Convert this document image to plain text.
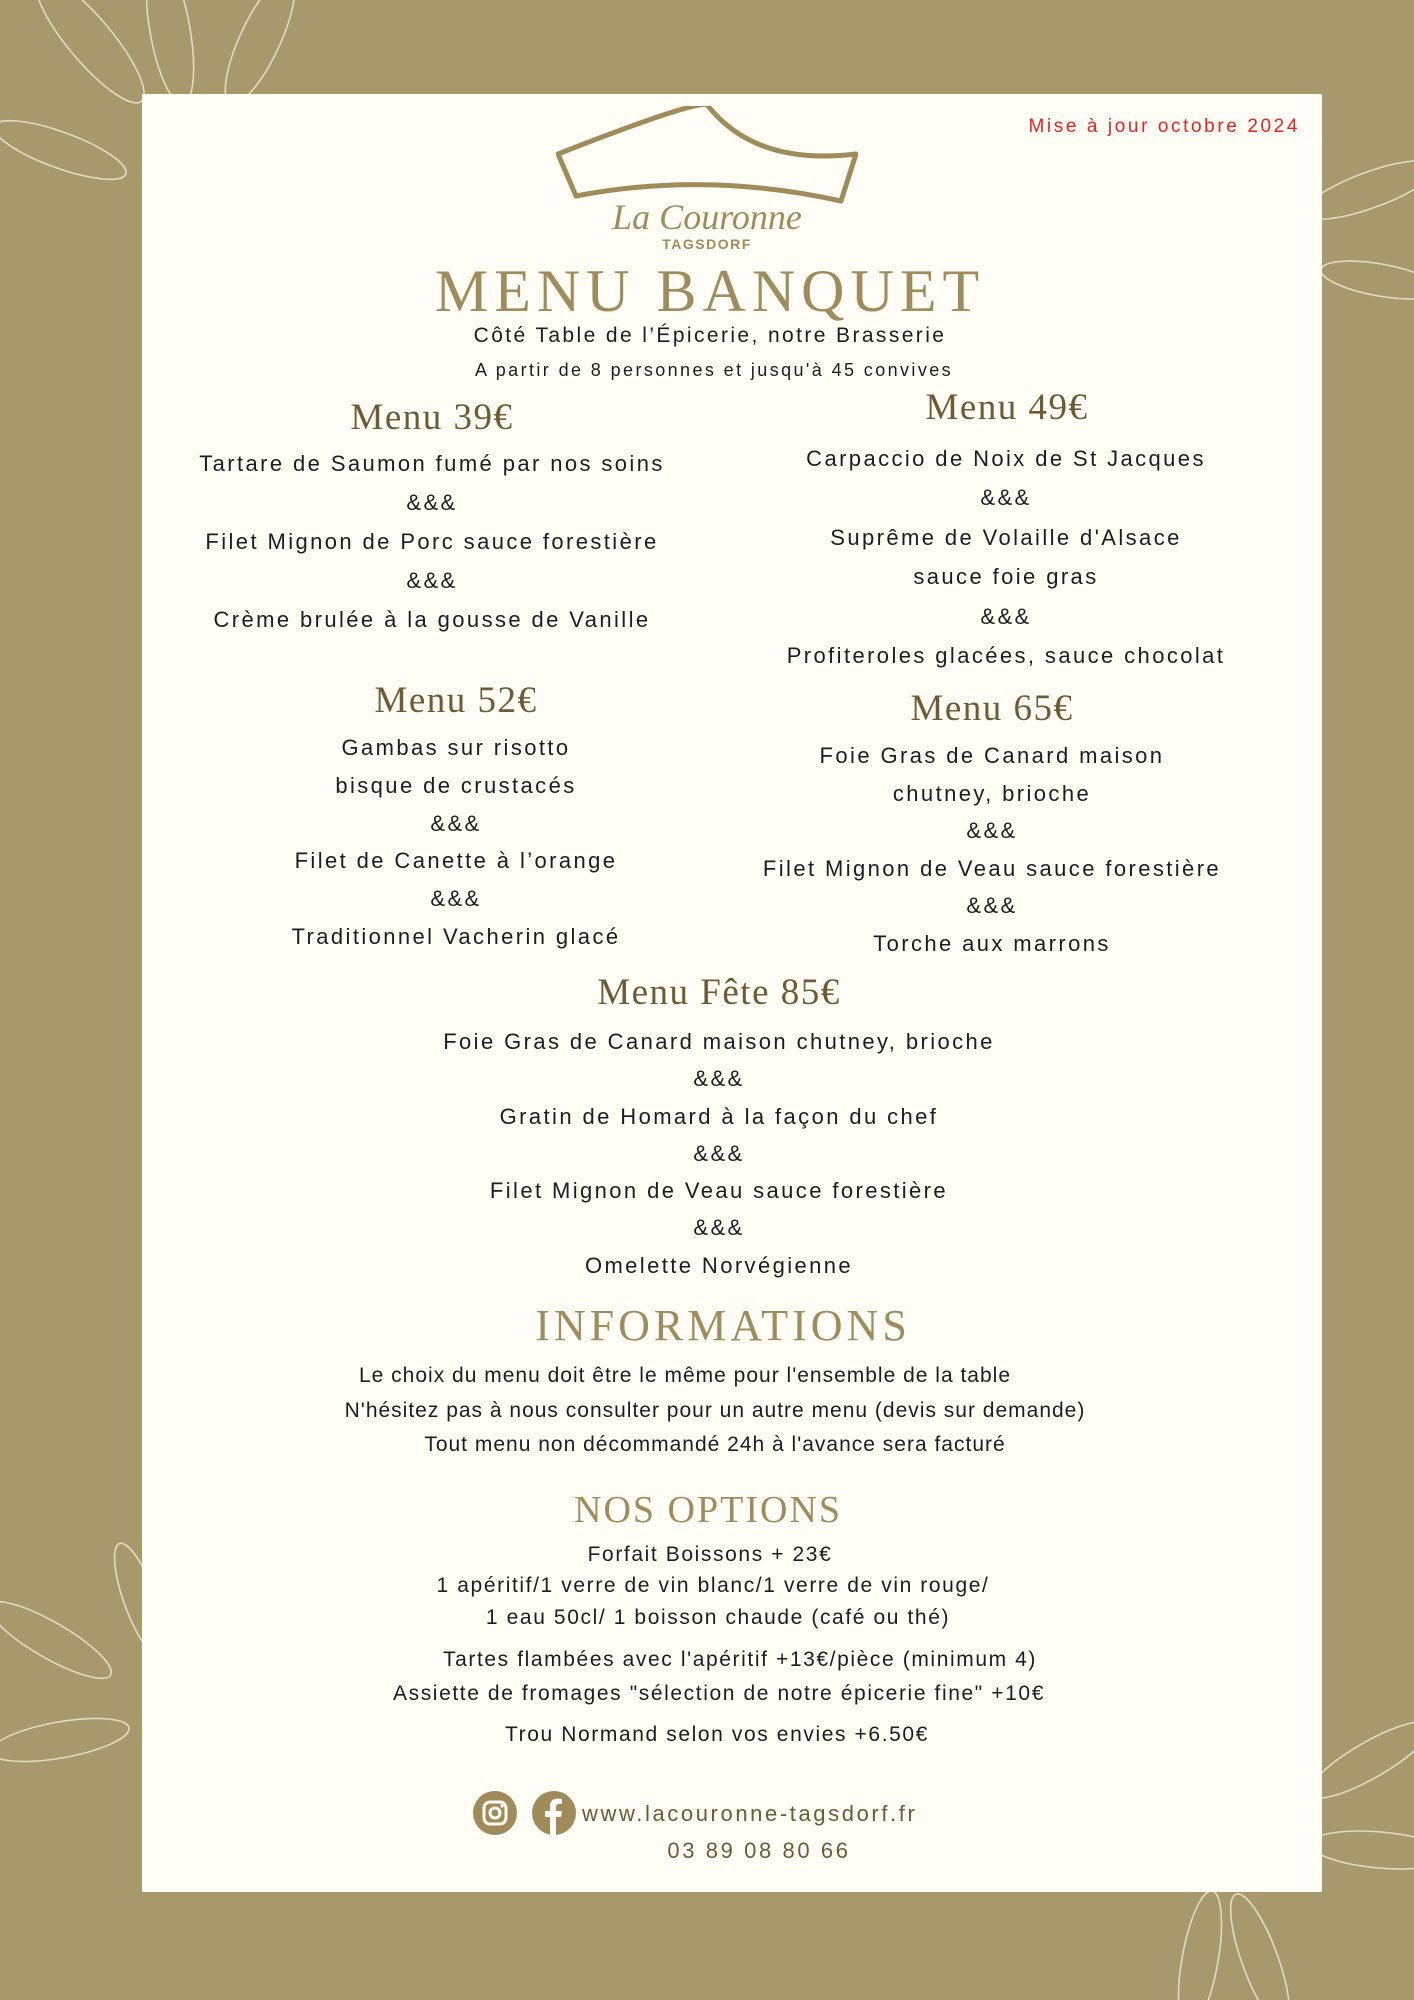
Mise à jour octobre 2024
La Couronne
TAGSDORF
MENU BANQUET
Côté Table de l’Épicerie, notre Brasserie
A partir de 8 personnes et jusqu'à 45 convives
Menu 39€
Tartare de Saumon fumé par nos soins
&&&
Filet Mignon de Porc sauce forestière
&&&
Crème brulée à la gousse de Vanille
Menu 49€
Carpaccio de Noix de St Jacques
&&&
Suprême de Volaille d'Alsace
sauce foie gras
&&&
Profiteroles glacées, sauce chocolat
Menu 52€
Gambas sur risotto
bisque de crustacés
&&&
Filet de Canette à l’orange
&&&
Traditionnel Vacherin glacé
Menu 65€
Foie Gras de Canard maison
chutney, brioche
&&&
Filet Mignon de Veau sauce forestière
&&&
Torche aux marrons
Menu Fête 85€
Foie Gras de Canard maison chutney, brioche
&&&
Gratin de Homard à la façon du chef
&&&
Filet Mignon de Veau sauce forestière
&&&
Omelette Norvégienne
INFORMATIONS
Le choix du menu doit être le même pour l'ensemble de la table
N'hésitez pas à nous consulter pour un autre menu (devis sur demande)
Tout menu non décommandé 24h à l'avance sera facturé
NOS OPTIONS
Forfait Boissons + 23€
1 apéritif/1 verre de vin blanc/1 verre de vin rouge/
1 eau 50cl/ 1 boisson chaude (café ou thé)
Tartes flambées avec l'apéritif +13€/pièce (minimum 4)
Assiette de fromages "sélection de notre épicerie fine" +10€
Trou Normand selon vos envies +6.50€
www.lacouronne-tagsdorf.fr
03 89 08 80 66
